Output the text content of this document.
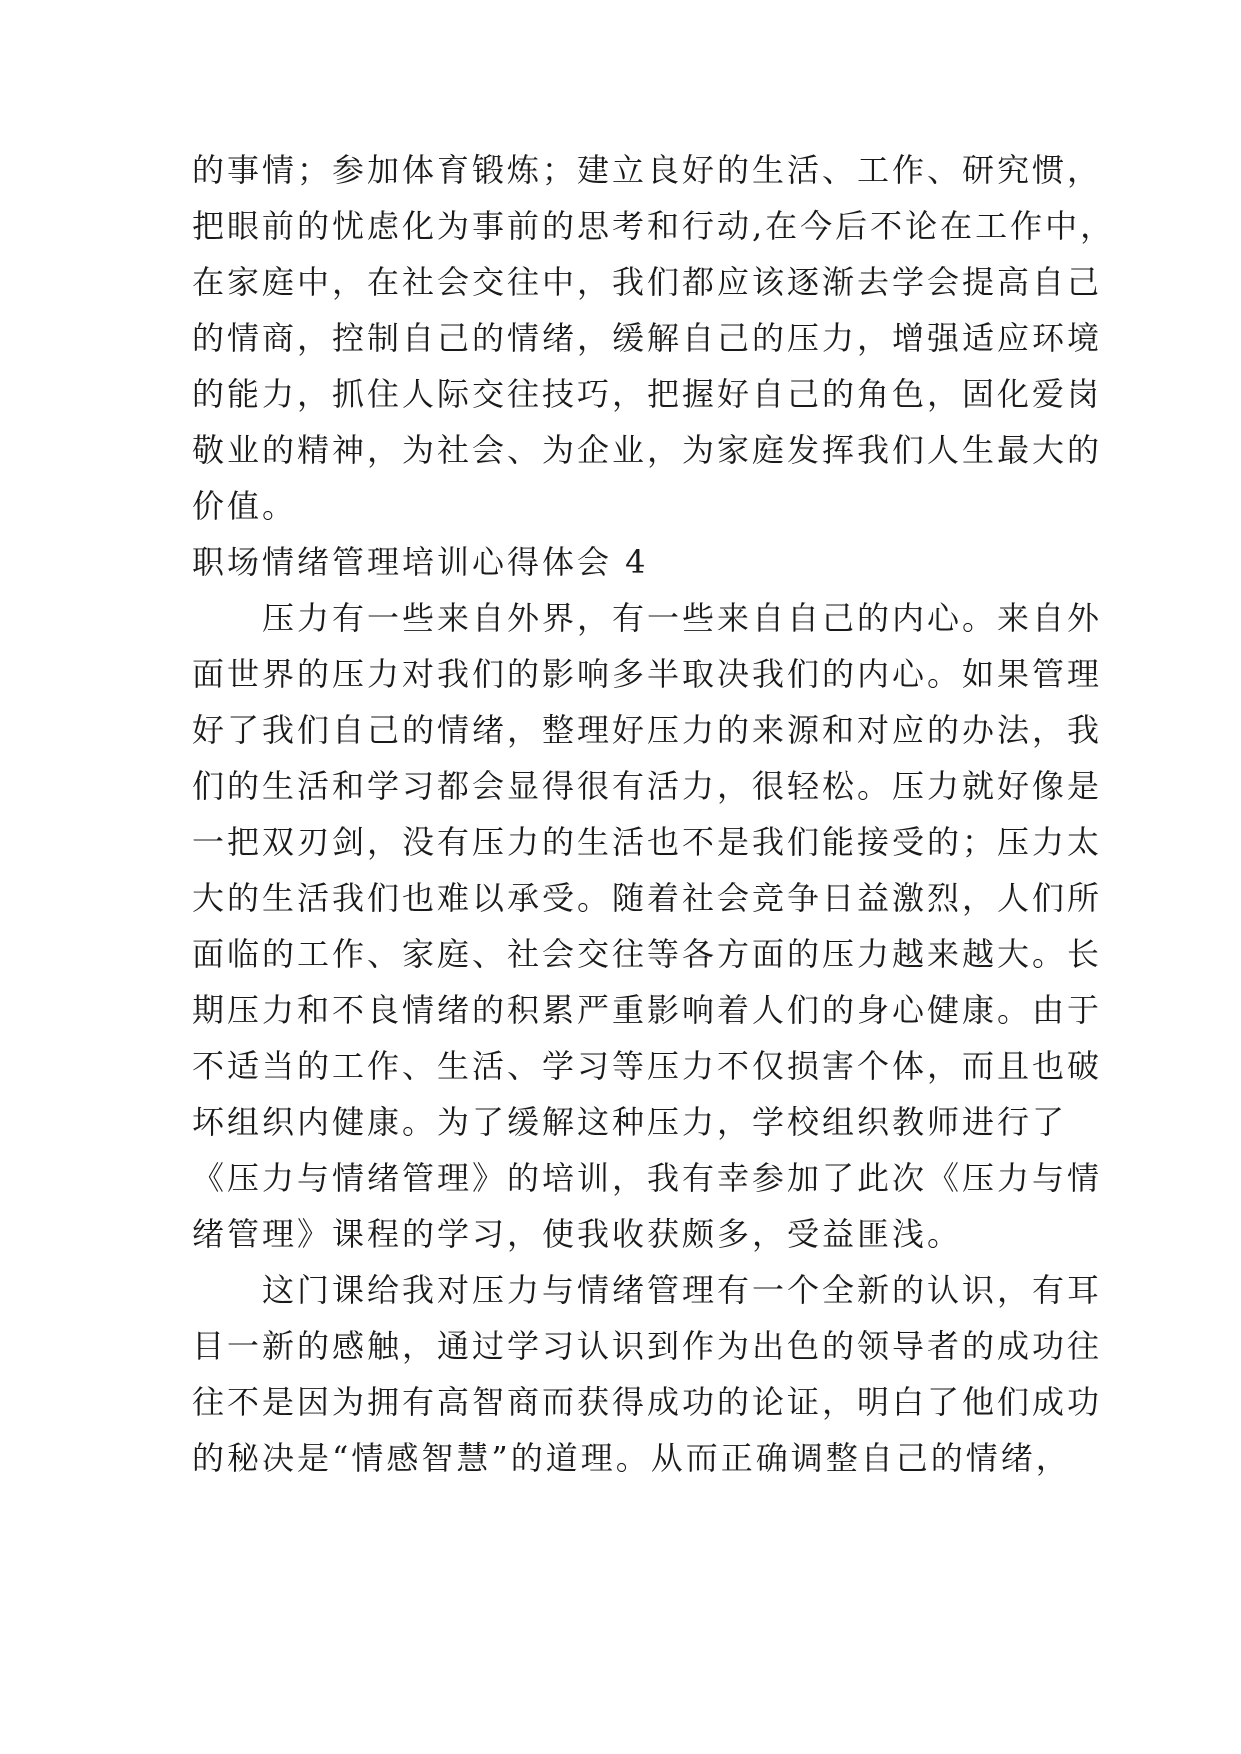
的事情；参加体育锻炼；建立良好的生活、工作、研究惯，
把眼前的忧虑化为事前的思考和行动,在今后不论在工作中，
在家庭中，在社会交往中，我们都应该逐渐去学会提高自己
的情商，控制自己的情绪，缓解自己的压力，增强适应环境
的能力，抓住人际交往技巧，把握好自己的角色，固化爱岗
敬业的精神，为社会、为企业，为家庭发挥我们人生最大的
价值。
职场情绪管理培训心得体会 4
　　压力有一些来自外界，有一些来自自己的内心。来自外
面世界的压力对我们的影响多半取决我们的内心。如果管理
好了我们自己的情绪，整理好压力的来源和对应的办法，我
们的生活和学习都会显得很有活力，很轻松。压力就好像是
一把双刃剑，没有压力的生活也不是我们能接受的；压力太
大的生活我们也难以承受。随着社会竞争日益激烈，人们所
面临的工作、家庭、社会交往等各方面的压力越来越大。长
期压力和不良情绪的积累严重影响着人们的身心健康。由于
不适当的工作、生活、学习等压力不仅损害个体，而且也破
坏组织内健康。为了缓解这种压力，学校组织教师进行了
《压力与情绪管理》的培训，我有幸参加了此次《压力与情
绪管理》课程的学习，使我收获颇多，受益匪浅。
　　这门课给我对压力与情绪管理有一个全新的认识，有耳
目一新的感触，通过学习认识到作为出色的领导者的成功往
往不是因为拥有高智商而获得成功的论证，明白了他们成功
的秘决是“情感智慧”的道理。从而正确调整自己的情绪，
